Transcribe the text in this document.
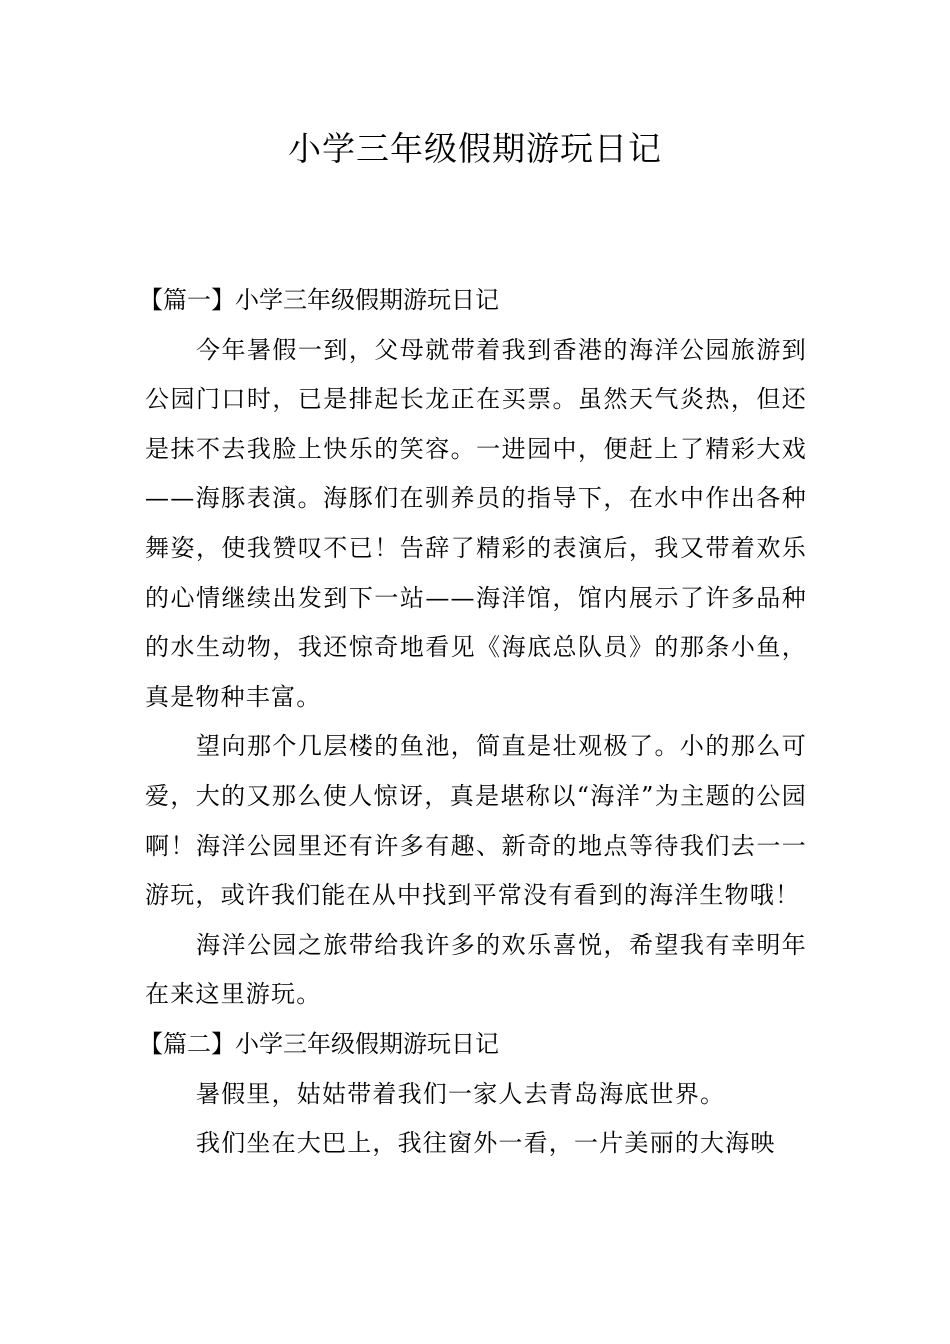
小学三年级假期游玩日记
【篇一】小学三年级假期游玩日记

今年暑假一到，父母就带着我到香港的海洋公园旅游到公园门口时，已是排起长龙正在买票。虽然天气炎热，但还是抹不去我脸上快乐的笑容。一进园中，便赶上了精彩大戏——海豚表演。海豚们在驯养员的指导下，在水中作出各种舞姿，使我赞叹不已！告辞了精彩的表演后，我又带着欢乐的心情继续出发到下一站——海洋馆，馆内展示了许多品种的水生动物，我还惊奇地看见《海底总队员》的那条小鱼，真是物种丰富。

望向那个几层楼的鱼池，简直是壮观极了。小的那么可爱，大的又那么使人惊讶，真是堪称以“海洋”为主题的公园啊！海洋公园里还有许多有趣、新奇的地点等待我们去一一游玩，或许我们能在从中找到平常没有看到的海洋生物哦！

海洋公园之旅带给我许多的欢乐喜悦，希望我有幸明年在来这里游玩。

【篇二】小学三年级假期游玩日记

暑假里，姑姑带着我们一家人去青岛海底世界。

我们坐在大巴上，我往窗外一看，一片美丽的大海映
